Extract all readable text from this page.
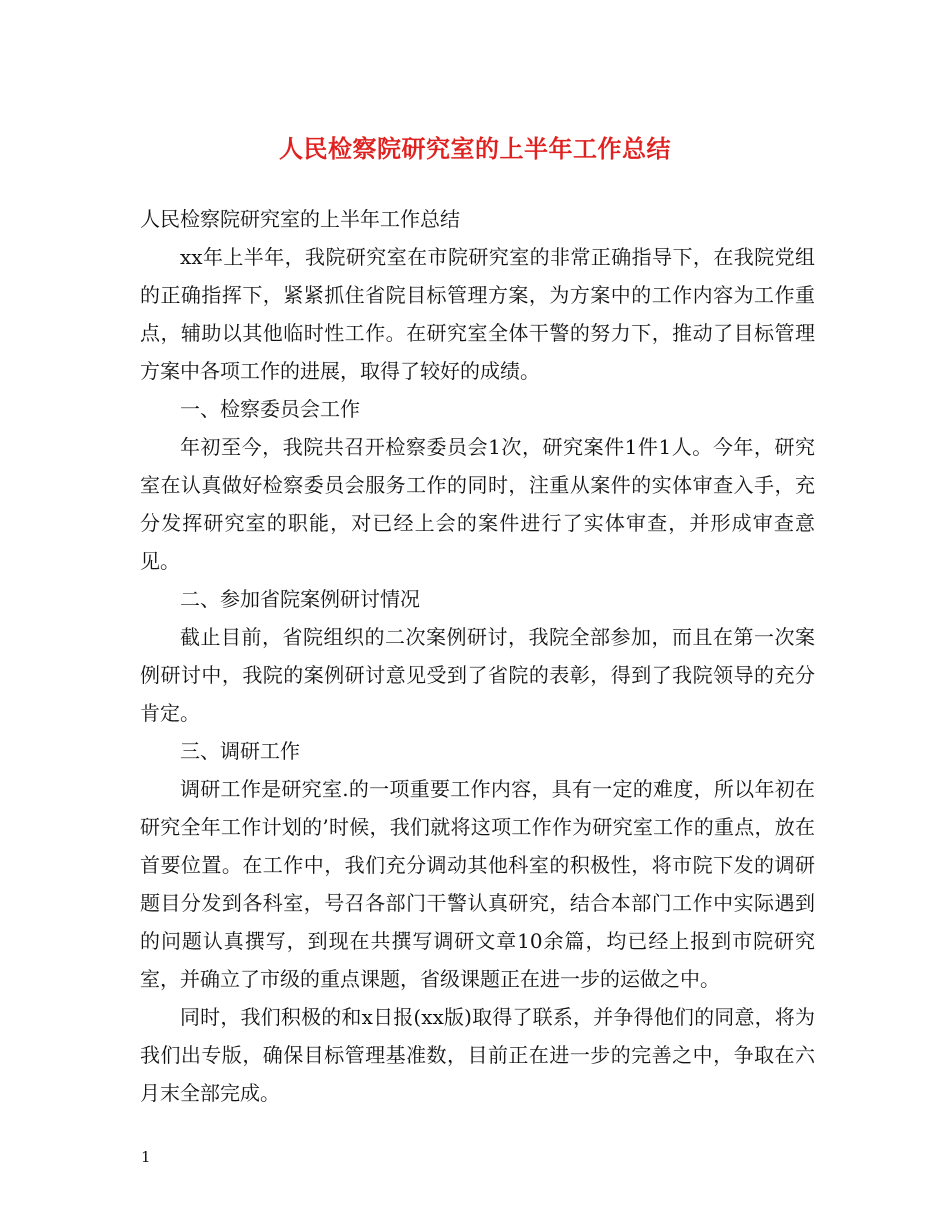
人民检察院研究室的上半年工作总结

人民检察院研究室的上半年工作总结

xx年上半年，我院研究室在市院研究室的非常正确指导下，在我院党组的正确指挥下，紧紧抓住省院目标管理方案，为方案中的工作内容为工作重点，辅助以其他临时性工作。在研究室全体干警的努力下，推动了目标管理方案中各项工作的进展，取得了较好的成绩。

一、检察委员会工作

年初至今，我院共召开检察委员会1次，研究案件1件1人。今年，研究室在认真做好检察委员会服务工作的同时，注重从案件的实体审查入手，充分发挥研究室的职能，对已经上会的案件进行了实体审查，并形成审查意见。

二、参加省院案例研讨情况

截止目前，省院组织的二次案例研讨，我院全部参加，而且在第一次案例研讨中，我院的案例研讨意见受到了省院的表彰，得到了我院领导的充分肯定。

三、调研工作

调研工作是研究室.的一项重要工作内容，具有一定的难度，所以年初在研究全年工作计划的’时候，我们就将这项工作作为研究室工作的重点，放在首要位置。在工作中，我们充分调动其他科室的积极性，将市院下发的调研题目分发到各科室，号召各部门干警认真研究，结合本部门工作中实际遇到的问题认真撰写，到现在共撰写调研文章10余篇，均已经上报到市院研究室，并确立了市级的重点课题，省级课题正在进一步的运做之中。

同时，我们积极的和x日报(xx版)取得了联系，并争得他们的同意，将为我们出专版，确保目标管理基准数，目前正在进一步的完善之中，争取在六月末全部完成。

1
